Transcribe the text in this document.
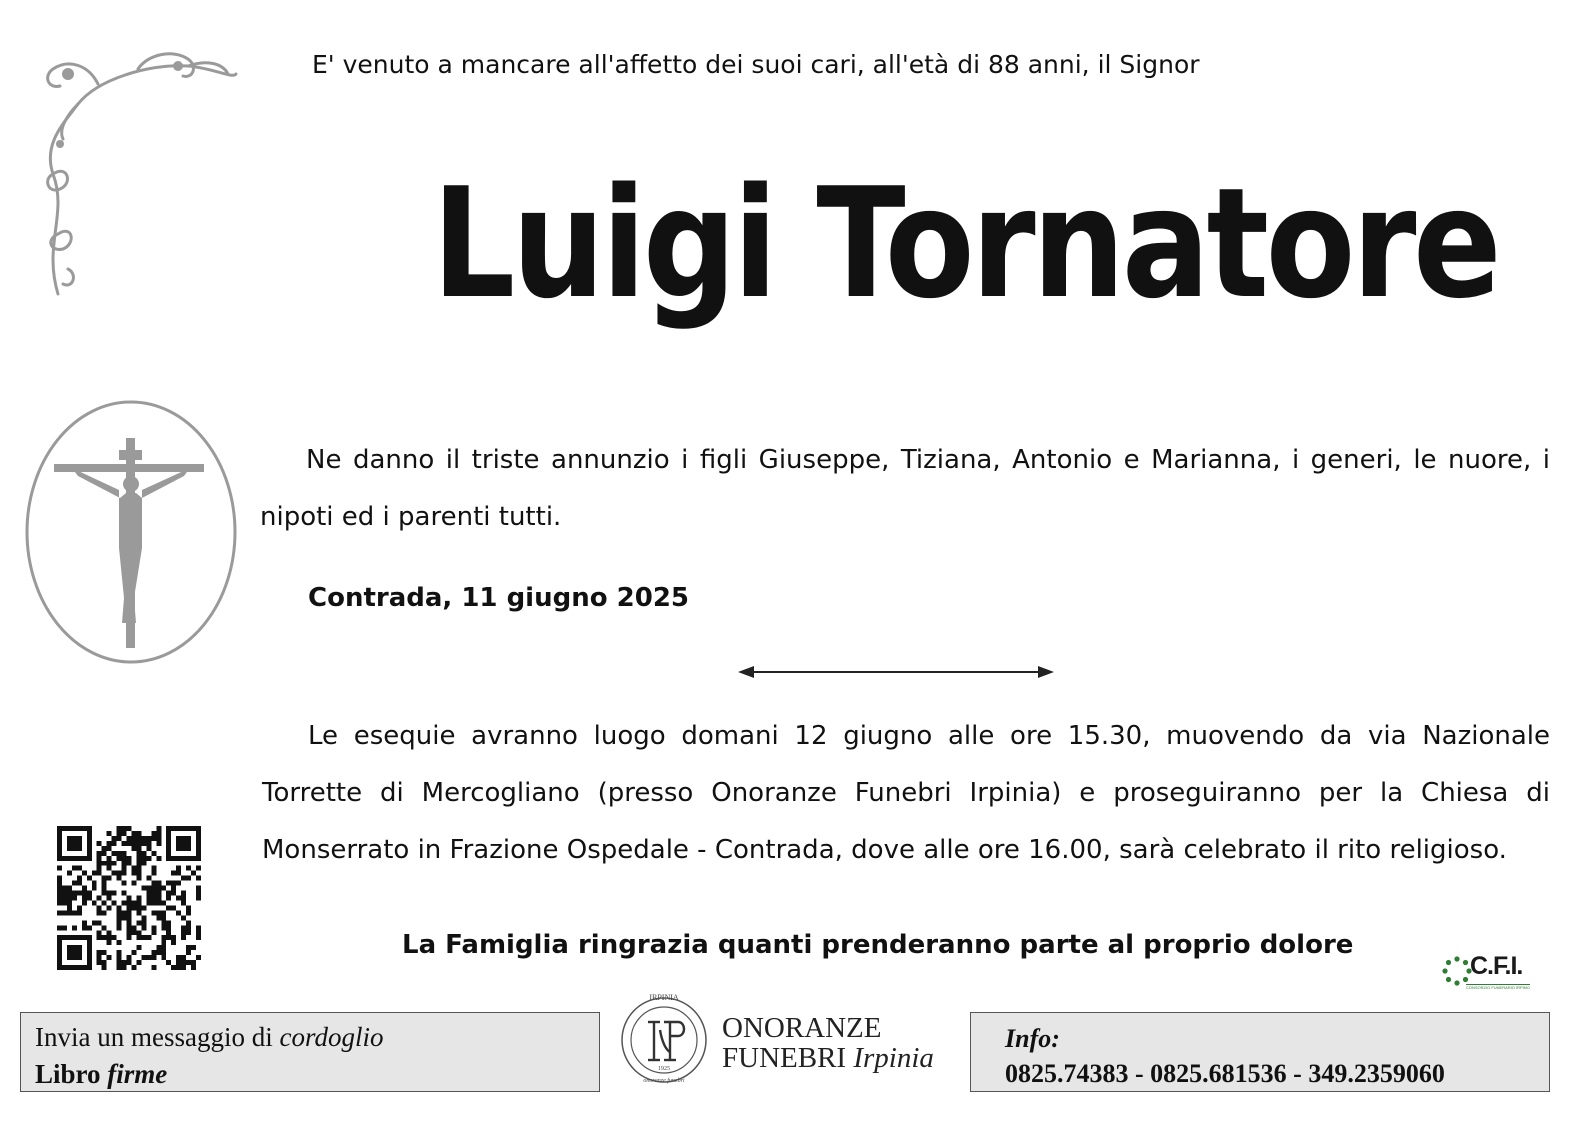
E' venuto a mancare all'affetto dei suoi cari, all'età di 88 anni, il Signor
Luigi Tornatore
Ne danno il triste annunzio i figli Giuseppe, Tiziana, Antonio e Marianna, i generi, le nuore, i nipoti ed i parenti tutti.
Contrada, 11 giugno 2025
Le esequie avranno luogo domani 12 giugno alle ore 15.30, muovendo da via Nazionale Torrette di Mercogliano (presso Onoranze Funebri Irpinia) e proseguiranno per la Chiesa di Monserrato in Frazione Ospedale - Contrada, dove alle ore 16.00, sarà celebrato il rito religioso.
La Famiglia ringrazia quanti prenderanno parte al proprio dolore
C.F.I.
CONSORZIO FUNERARIO IRPINO
Invia un messaggio di cordoglio
Libro firme
IRPINIA
1925
onoranze funebri
ONORANZE
FUNEBRI Irpinia
Info:
0825.74383 - 0825.681536 - 349.2359060
